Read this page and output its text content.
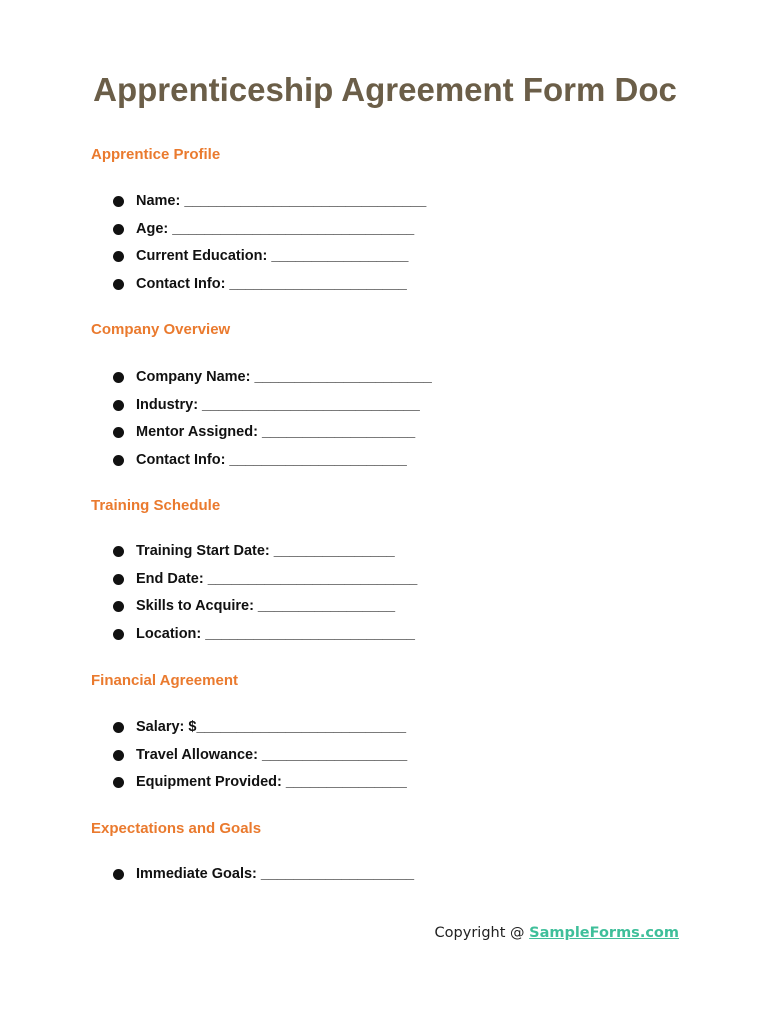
Apprenticeship Agreement Form Doc
Apprentice Profile
Name: ______________________________
Age: ______________________________
Current Education: _________________
Contact Info: ______________________
Company Overview
Company Name: ______________________
Industry: ___________________________
Mentor Assigned: ___________________
Contact Info: ______________________
Training Schedule
Training Start Date: _______________
End Date: __________________________
Skills to Acquire: _________________
Location: __________________________
Financial Agreement
Salary: $__________________________
Travel Allowance: __________________
Equipment Provided: _______________
Expectations and Goals
Immediate Goals: ___________________
Copyright @ SampleForms.com
